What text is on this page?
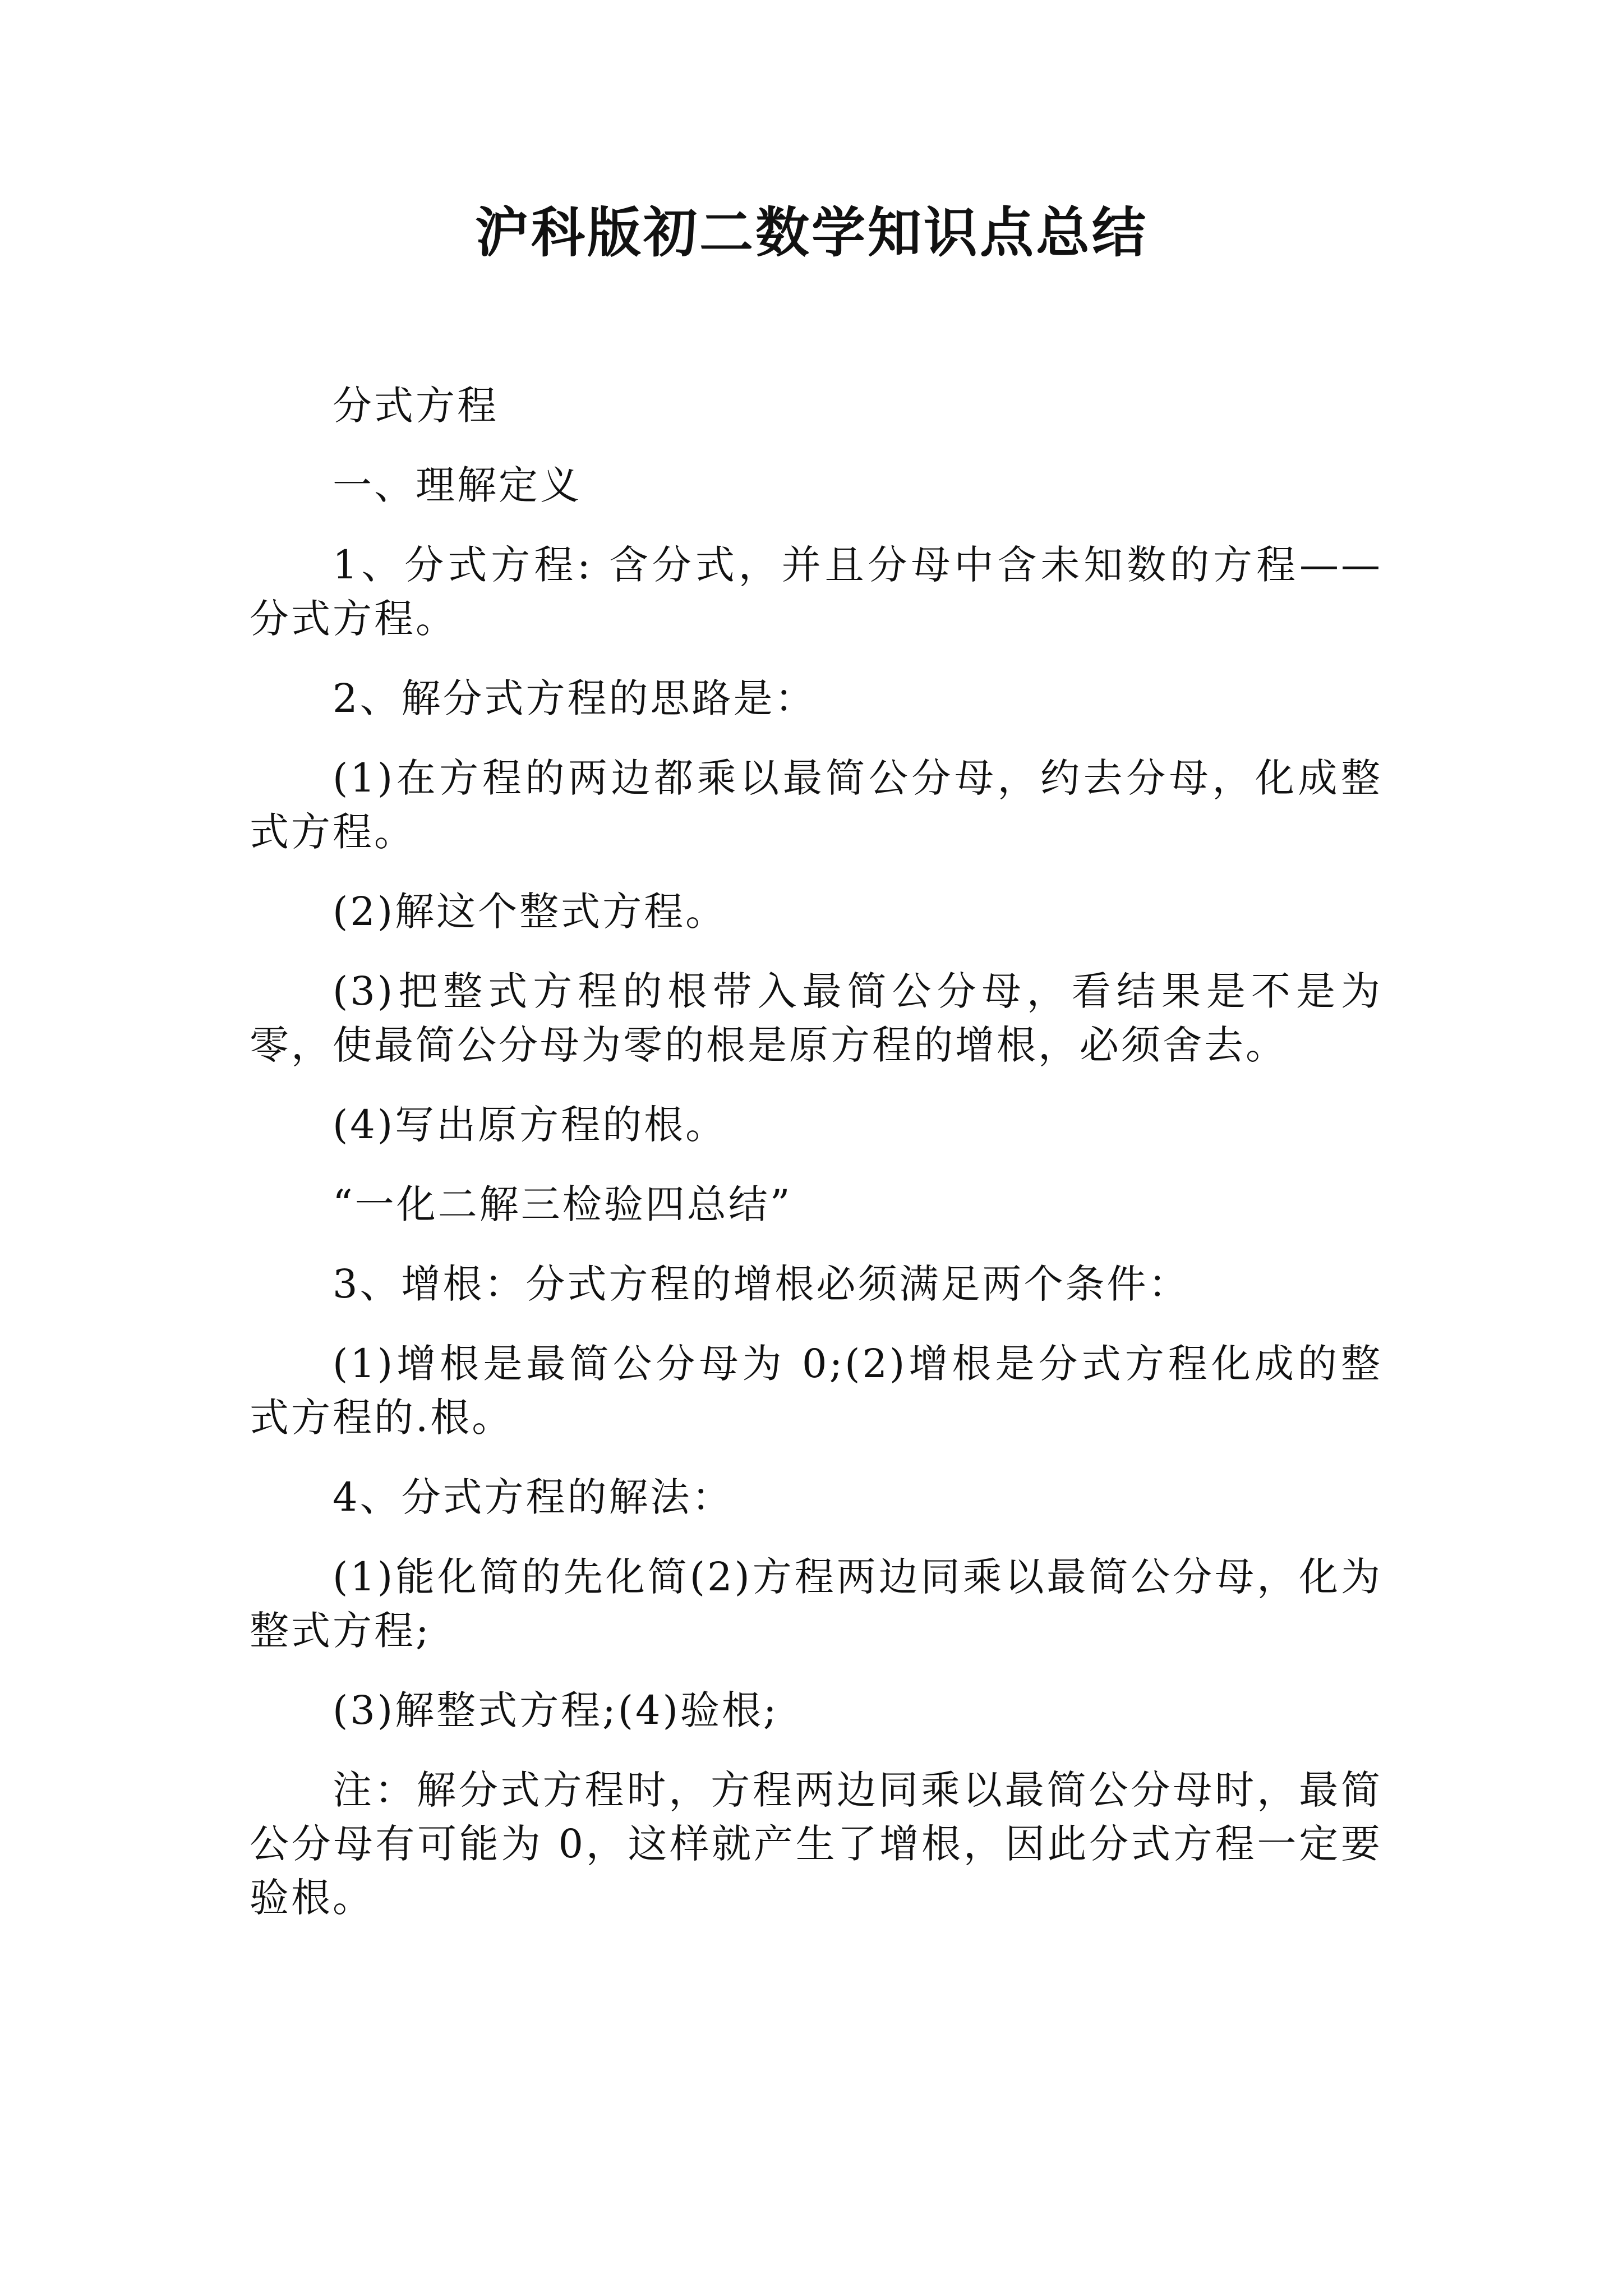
沪科版初二数学知识点总结

分式方程

一、理解定义

1、分式方程: 含分式，并且分母中含未知数的方程——分式方程。

2、解分式方程的思路是：

(1)在方程的两边都乘以最简公分母，约去分母，化成整式方程。

(2)解这个整式方程。

(3)把整式方程的根带入最简公分母，看结果是不是为零，使最简公分母为零的根是原方程的增根，必须舍去。

(4)写出原方程的根。

“一化二解三检验四总结”

3、增根：分式方程的增根必须满足两个条件：

(1)增根是最简公分母为 0;(2)增根是分式方程化成的整式方程的.根。

4、分式方程的解法：

(1)能化简的先化简(2)方程两边同乘以最简公分母，化为整式方程;

(3)解整式方程;(4)验根;

注：解分式方程时，方程两边同乘以最简公分母时，最简公分母有可能为 0，这样就产生了增根，因此分式方程一定要验根。
